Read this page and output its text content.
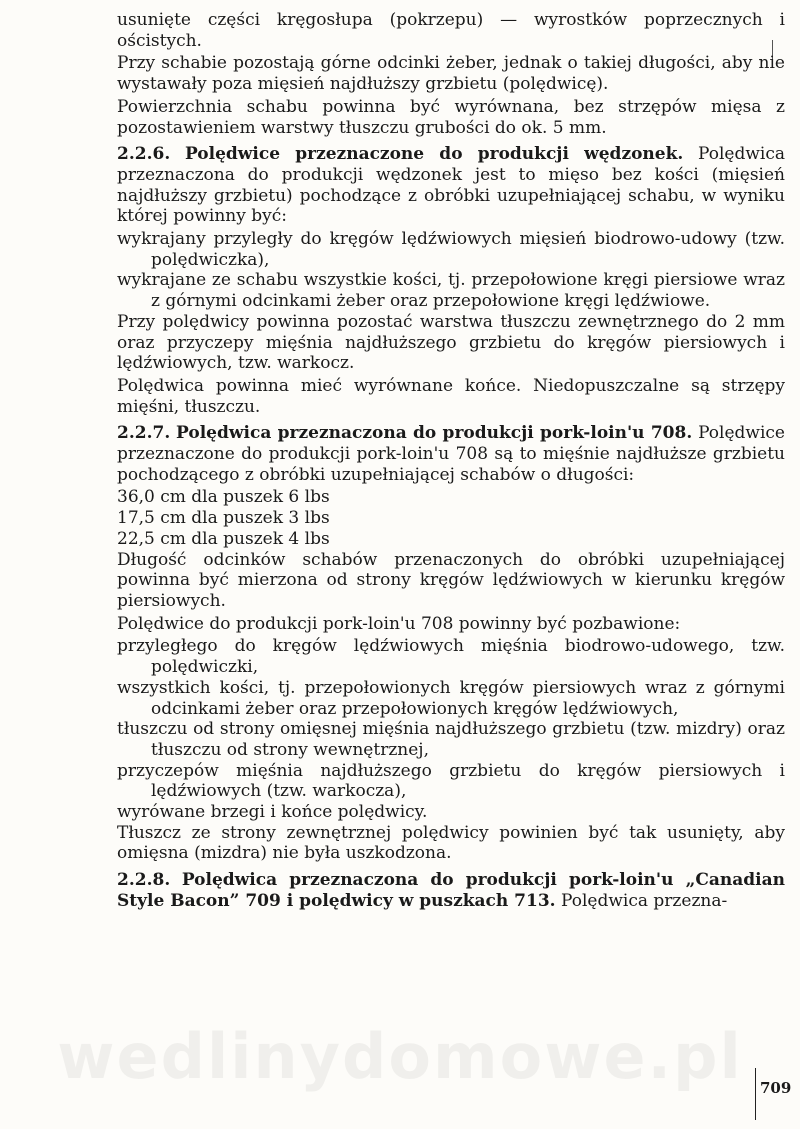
usunięte części kręgosłupa (pokrzepu) — wyrostków poprzecznych i ościstych.

Przy schabie pozostają górne odcinki żeber, jednak o takiej długości, aby nie wystawały poza mięsień najdłuższy grzbietu (polędwicę).

Powierzchnia schabu powinna być wyrównana, bez strzępów mięsa z pozostawieniem warstwy tłuszczu grubości do ok. 5 mm.

2.2.6. Polędwice przeznaczone do produkcji wędzonek. Polędwica przeznaczona do produkcji wędzonek jest to mięso bez kości (mięsień najdłuższy grzbietu) pochodzące z obróbki uzupełniającej schabu, w wyniku której powinny być:

wykrajany przyległy do kręgów lędźwiowych mięsień biodrowo-udowy (tzw. polędwiczka),

wykrajane ze schabu wszystkie kości, tj. przepołowione kręgi piersiowe wraz z górnymi odcinkami żeber oraz przepołowione kręgi lędźwiowe.

Przy polędwicy powinna pozostać warstwa tłuszczu zewnętrznego do 2 mm oraz przyczepy mięśnia najdłuższego grzbietu do kręgów piersiowych i lędźwiowych, tzw. warkocz.

Polędwica powinna mieć wyrównane końce. Niedopuszczalne są strzępy mięśni, tłuszczu.

2.2.7. Polędwica przeznaczona do produkcji pork-loin'u 708. Polędwice przeznaczone do produkcji pork-loin'u 708 są to mięśnie najdłuższe grzbietu pochodzącego z obróbki uzupełniającej schabów o długości:

36,0 cm dla puszek 6 lbs

17,5 cm dla puszek 3 lbs

22,5 cm dla puszek 4 lbs

Długość odcinków schabów przenaczonych do obróbki uzupełniającej powinna być mierzona od strony kręgów lędźwiowych w kierunku kręgów piersiowych.

Polędwice do produkcji pork-loin'u 708 powinny być pozbawione:

przyległego do kręgów lędźwiowych mięśnia biodrowo-udowego, tzw. polędwiczki,

wszystkich kości, tj. przepołowionych kręgów piersiowych wraz z górnymi odcinkami żeber oraz przepołowionych kręgów lędźwiowych,

tłuszczu od strony omięsnej mięśnia najdłuższego grzbietu (tzw. mizdry) oraz tłuszczu od strony wewnętrznej,

przyczepów mięśnia najdłuższego grzbietu do kręgów piersiowych i lędźwiowych (tzw. warkocza),

wyrówane brzegi i końce polędwicy.

Tłuszcz ze strony zewnętrznej polędwicy powinien być tak usunięty, aby omięsna (mizdra) nie była uszkodzona.

2.2.8. Polędwica przeznaczona do produkcji pork-loin'u „Canadian Style Bacon” 709 i polędwicy w puszkach 713. Polędwica przezna-

wedlinydomowe.pl	709
